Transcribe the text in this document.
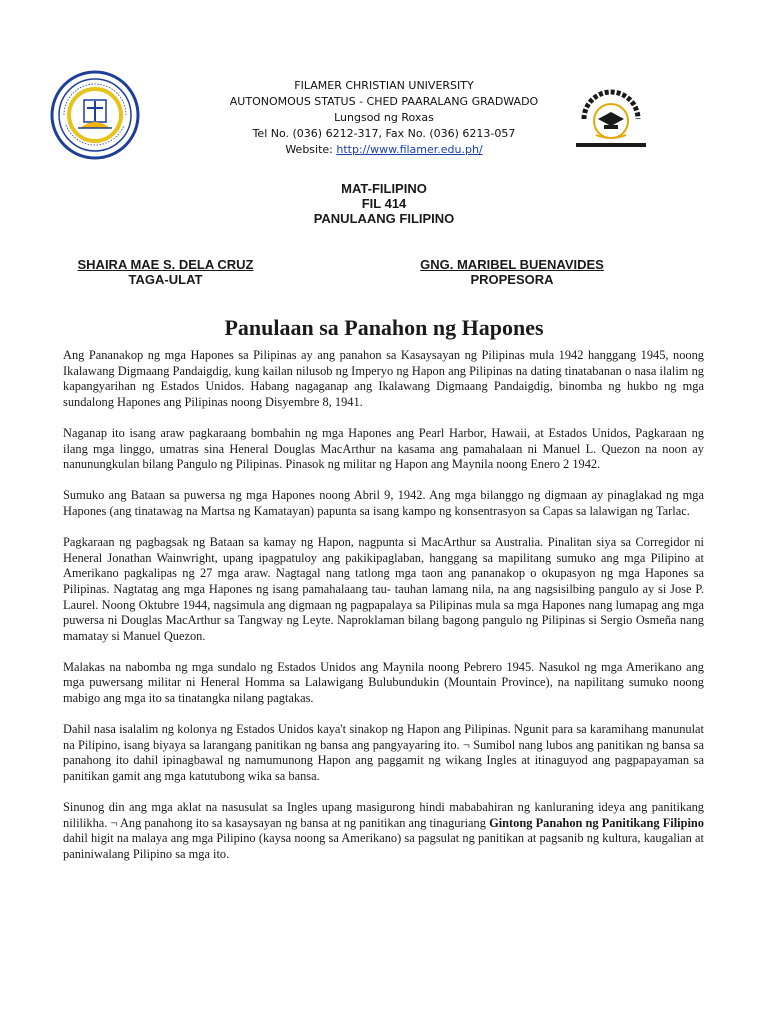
FILAMER CHRISTIAN UNIVERSITY
AUTONOMOUS STATUS - CHED PAARALANG GRADWADO
Lungsod ng Roxas
Tel No. (036) 6212-317, Fax No. (036) 6213-057
Website: http://www.filamer.edu.ph/
MAT-FILIPINO
FIL 414
PANULAANG FILIPINO
SHAIRA MAE S. DELA CRUZ
TAGA-ULAT
GNG. MARIBEL BUENAVIDES
PROPESORA
Panulaan sa Panahon ng Hapones

Ang Pananakop ng mga Hapones sa Pilipinas ay ang panahon sa Kasaysayan ng Pilipinas mula 1942 hanggang 1945, noong Ikalawang Digmaang Pandaigdig, kung kailan nilusob ng Imperyo ng Hapon ang Pilipinas na dating tinatabanan o nasa ilalim ng kapangyarihan ng Estados Unidos. Habang nagaganap ang Ikalawang Digmaang Pandaigdig, binomba ng hukbo ng mga sundalong Hapones ang Pilipinas noong Disyembre 8, 1941.

Naganap ito isang araw pagkaraang bombahin ng mga Hapones ang Pearl Harbor, Hawaii, at Estados Unidos, Pagkaraan ng ilang mga linggo, umatras sina Heneral Douglas MacArthur na kasama ang pamahalaan ni Manuel L. Quezon na noon ay nanunungkulan bilang Pangulo ng Pilipinas. Pinasok ng militar ng Hapon ang Maynila noong Enero 2 1942.

Sumuko ang Bataan sa puwersa ng mga Hapones noong Abril 9, 1942. Ang mga bilanggo ng digmaan ay pinaglakad ng mga Hapones (ang tinatawag na Martsa ng Kamatayan) papunta sa isang kampo ng konsentrasyon sa Capas sa lalawigan ng Tarlac.

Pagkaraan ng pagbagsak ng Bataan sa kamay ng Hapon, nagpunta si MacArthur sa Australia. Pinalitan siya sa Corregidor ni Heneral Jonathan Wainwright, upang ipagpatuloy ang pakikipaglaban, hanggang sa mapilitang sumuko ang mga Pilipino at Amerikano pagkalipas ng 27 mga araw. Nagtagal nang tatlong mga taon ang pananakop o okupasyon ng mga Hapones sa Pilipinas. Nagtatag ang mga Hapones ng isang pamahalaang tau- tauhan lamang nila, na ang nagsisilbing pangulo ay si Jose P. Laurel. Noong Oktubre 1944, nagsimula ang digmaan ng pagpapalaya sa Pilipinas mula sa mga Hapones nang lumapag ang mga puwersa ni Douglas MacArthur sa Tangway ng Leyte. Naproklaman bilang bagong pangulo ng Pilipinas si Sergio Osmeña nang mamatay si Manuel Quezon.

Malakas na nabomba ng mga sundalo ng Estados Unidos ang Maynila noong Pebrero 1945. Nasukol ng mga Amerikano ang mga puwersang militar ni Heneral Homma sa Lalawigang Bulubundukin (Mountain Province), na napilitang sumuko noong mabigo ang mga ito sa tinatangka nilang pagtakas.

Dahil nasa isalalim ng kolonya ng Estados Unidos kaya't sinakop ng Hapon ang Pilipinas. Ngunit para sa karamihang manunulat na Pilipino, isang biyaya sa larangang panitikan ng bansa ang pangyayaring ito. ¬ Sumibol nang lubos ang panitikan ng bansa sa panahong ito dahil ipinagbawal ng namumunong Hapon ang paggamit ng wikang Ingles at itinaguyod ang pagpapayaman sa panitikan gamit ang mga katutubong wika sa bansa.

Sinunog din ang mga aklat na nasusulat sa Ingles upang masigurong hindi mababahiran ng kanluraning ideya ang panitikang nililikha. ¬ Ang panahong ito sa kasaysayan ng bansa at ng panitikan ang tinaguriang Gintong Panahon ng Panitikang Filipino dahil higit na malaya ang mga Pilipino (kaysa noong sa Amerikano) sa pagsulat ng panitikan at pagsanib ng kultura, kaugalian at paniniwalang Pilipino sa mga ito.
